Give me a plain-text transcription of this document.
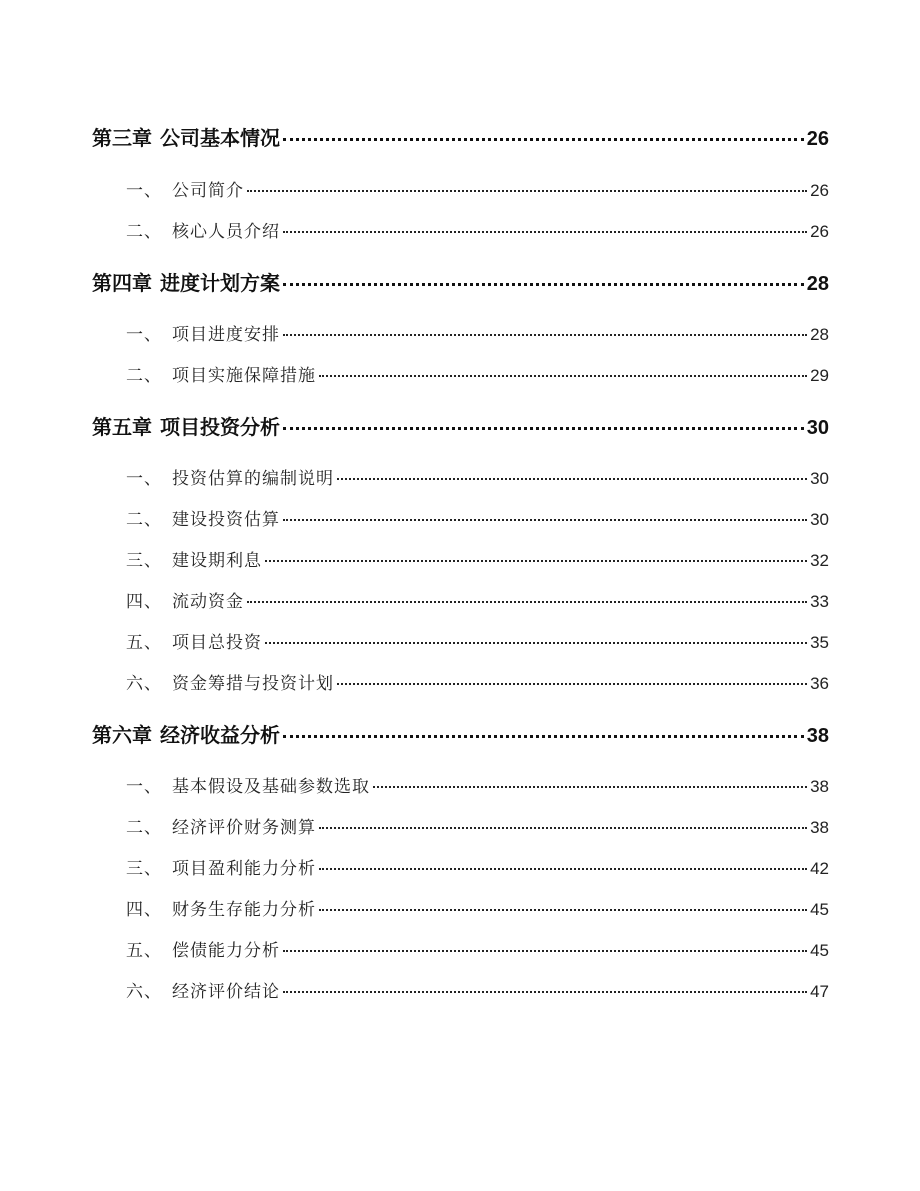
第三章 公司基本情况	26
一、 公司简介	26
二、 核心人员介绍	26
第四章 进度计划方案	28
一、 项目进度安排	28
二、 项目实施保障措施	29
第五章 项目投资分析	30
一、 投资估算的编制说明	30
二、 建设投资估算	30
三、 建设期利息	32
四、 流动资金	33
五、 项目总投资	35
六、 资金筹措与投资计划	36
第六章 经济收益分析	38
一、 基本假设及基础参数选取	38
二、 经济评价财务测算	38
三、 项目盈利能力分析	42
四、 财务生存能力分析	45
五、 偿债能力分析	45
六、 经济评价结论	47
